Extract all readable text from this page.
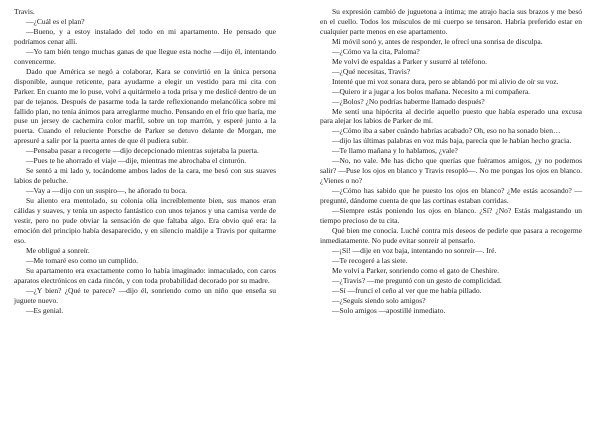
Travis.

—¿Cuál es el plan?

—Bueno, y a estoy instalado del todo en mi apartamento. He pensado que podríamos cenar allí.

—Yo tam bién tengo muchas ganas de que llegue esta noche —dijo él, intentando convencerme.

Dado que América se negó a colaborar, Kara se convirtió en la única persona disponible, aunque reticente, para ayudarme a elegir un vestido para mi cita con Parker. En cuanto me lo puse, volví a quitármelo a toda prisa y me deslicé dentro de un par de tejanos. Después de pasarme toda la tarde reflexionando melancólica sobre mi fallido plan, no tenía ánimos para arreglarme mucho. Pensando en el frío que haría, me puse un jersey de cachemira color marfil, sobre un top marrón, y esperé junto a la puerta. Cuando el reluciente Porsche de Parker se detuvo delante de Morgan, me apresuré a salir por la puerta antes de que él pudiera subir.

—Pensaba pasar a recogerte —dijo decepcionado mientras sujetaba la puerta.

—Pues te he ahorrado el viaje —dije, mientras me abrochaba el cinturón.

Se sentó a mi lado y, tocándome ambos lados de la cara, me besó con sus suaves labios de peluche.

—Vay a —dijo con un suspiro—, he añorado tu boca.

Su aliento era mentolado, su colonia olía increíblemente bien, sus manos eran cálidas y suaves, y tenía un aspecto fantástico con unos tejanos y una camisa verde de vestir, pero no pude obviar la sensación de que faltaba algo. Era obvio qué era: la emoción del principio había desaparecido, y en silencio maldije a Travis por quitarme eso.

Me obligué a sonreír.

—Me tomaré eso como un cumplido.

Su apartamento era exactamente como lo había imaginado: inmaculado, con caros aparatos electrónicos en cada rincón, y con toda probabilidad decorado por su madre.

—¿Y bien? ¿Qué te parece? —dijo él, sonriendo como un niño que enseña su juguete nuevo.

—Es genial.

Su expresión cambió de juguetona a íntima; me atrajo hacia sus brazos y me besó en el cuello. Todos los músculos de mi cuerpo se tensaron. Habría preferido estar en cualquier parte menos en ese apartamento.

Mi móvil sonó y, antes de responder, le ofrecí una sonrisa de disculpa.

—¿Cómo va la cita, Paloma?

Me volví de espaldas a Parker y susurré al teléfono.

—¿Qué necesitas, Travis?

Intenté que mi voz sonara dura, pero se ablandó por mi alivio de oír su voz.

—Quiero ir a jugar a los bolos mañana. Necesito a mi compañera.

—¿Bolos? ¿No podrías haberme llamado después?

Me sentí una hipócrita al decirle aquello puesto que había esperado una excusa para alejar los labios de Parker de mí.

—¿Cómo iba a saber cuándo habrías acabado? Oh, eso no ha sonado bien…

—dijo las últimas palabras en voz más baja, parecía que le habían hecho gracia.

—Te llamo mañana y lo hablamos, ¿vale?

—No, no vale. Me has dicho que querías que fuéramos amigos, ¿y no podemos salir? —Puse los ojos en blanco y Travis resopló—. No me pongas los ojos en blanco. ¿Vienes o no?

—¿Cómo has sabido que he puesto los ojos en blanco? ¿Me estás acosando? —pregunté, dándome cuenta de que las cortinas estaban corridas.

—Siempre estás poniendo los ojos en blanco. ¿Sí? ¿No? Estás malgastando un tiempo precioso de tu cita.

Qué bien me conocía. Luché contra mis deseos de pedirle que pasara a recogerme inmediatamente. No pude evitar sonreír al pensarlo.

—¡Sí! —dije en voz baja, intentando no sonreír—. Iré.

—Te recogeré a las siete.

Me volví a Parker, sonriendo como el gato de Cheshire.

—¿Travis? —me preguntó con un gesto de complicidad.

—Sí —fruncí el ceño al ver que me había pillado.

—¿Seguís siendo solo amigos?

—Solo amigos —apostillé inmediato.
